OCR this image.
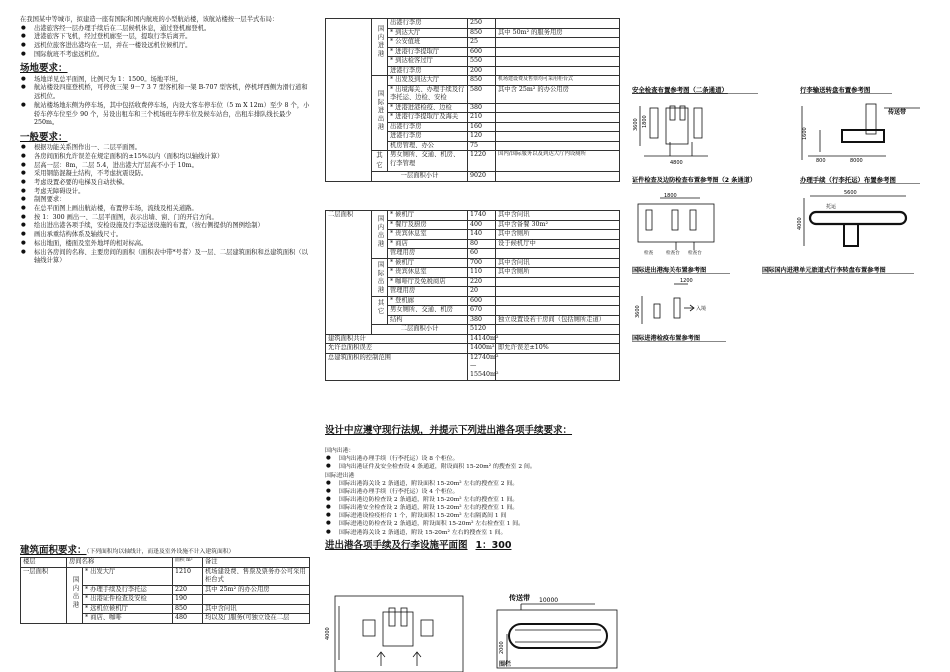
在我国某中等城市，拟建造一座有国际和国内航班的小型航站楼，该航站楼按一层半式布局：

● 出港旅客经一层办理手续后在二层候机休息，通过登机廊登机。
● 进港旅客下飞机，经过登机廊至一层，提取行李后离开。
● 远机位旅客进出港均在一层，并在一楼设远机位候机厅。
● 国际航班不考虑远机位。
场地要求：
● 场地详见总平面图，比例尺为 1：1500。场地平坦。
● 航站楼设四座登机桥，可停放三架 9－7 3 7 型客机和一架 B-707 型客机，停机坪西侧为滑行道和远机位。
● 航站楼场地东侧为停车场，其中包括收费停车场，内设大客车停车位（5 m X 12m）至少 8 个，小轿车停车位至少 90 个，另设出租车和三个机场班车停车位及候车站台，出租车排队线长最少 250m。
一般要求：
● 根据功能关系图作出一、二层平面图。
● 各房间面积允许误差在规定面积的±15%以内（面积均以轴线计算）
● 层高一层：8m，二层 5.4，进出港大厅层高不小于 10m。
● 采用钢筋混凝土结构，不考虑抗震设防。
● 考虑设置必要的电梯及自动扶梯。
● 考虑无障碍设计。
● 制图要求：
● 在总平面图上画出航站楼，布置停车场，流线及相关道路。
● 按 1：300 画出一、二层平面图，表示出墙、窗、门的开启方向。
● 绘出进出港各项手续，安检设施及行李运送设施的布置，（按右侧提供的图例绘制）
● 画出承重结构体系及轴线尺寸。
● 标出地面，楼面及室外地坪的相对标高。
● 标出各房间的名称、主要房间的面积（面积表中带*号者）及一层、二层建筑面积和总建筑面积（以轴线计算）
建筑面积要求：（下列面积均以轴线计，而逢及室外设施不计入建筑面积）
楼层	房间名称		面积 m²	备注
一层面积	国内出港	* 出发大厅	1210	机场建设费、售票及票务办公可采用柜台式
		* 办理手续及行李托运	220	其中 25m² 的办公用房
		* 出港证件检查及安检	190	
		* 远机位候机厅	850	其中含问讯
		* 商店、咖啡	480	均以及门服务(可独立设在二层

	国内进港	出港行李房	250	
		* 到达大厅	850	其中 50m² 的服务用房
		* 公安值班	25	
		* 进港行李提取厅	600	
		* 到达检客过厅	550	
		进港行李房	200	

	国际进出港	* 出发及到达大厅	850	机场建设费及售票均可采用柜台式
		* 出境海关、办理手续及行李托运、边检、安检	580	其中含 25m² 的办公用房
		* 进港进港检疫、边检	380	
		* 进港行李提取厅及海关	210	
		出港行李房	160	
		进港行李房	120	
		机房管理、办公	75	
	其它	男女厕所、交通、机房、行李管理	1220	国内/国际服务以及到达大厅内设厕所
	一层面积小计		9020	
二层面积	国内出港	* 候机厅	1740	其中含问讯
		* 餐厅及厨房	400	其中含备餐 30m²
		* 贵宾休息室	140	其中含厕所
		* 商店	80	设于候机厅中
		管理用房	60	

	国际出港	* 候机厅	700	其中含问讯
		* 贵宾休息室	110	其中含厕所
		* 咖啡厅及免税商店	220	
		管理用房	20	

	其它	* 登机廊	600	
		男女厕所、交通、机房	670	
		结构	380	独立设置设若干房间（包括厕所走道）
	二层面积小计		5120	
建筑面积共计			14140m²	
允许总面积误差			1400m²	即允许误差±10%
总建筑面积的控制范围			12740m²—15540m²	
设计中应遵守现行法规，并提示下列进出港各项手续要求：

国内出港：

● 国内出港办理手续（行李托运）设 8 个柜位。
● 国内出港证件及安全检查设 4 条通道，附设面积 15-20m² 的搜查室 2 间。

国际进出港

● 国际出港海关设 2 条通道，附设面积 15-20m² 左右的搜查室 2 间。
● 国际出港办理手续（行李托运）设 4 个柜位。
● 国际出港边防检查设 2 条通道，附设 15-20m² 左右的搜查室 1 间。
● 国际出港安全检查设 2 条通道，附设 15-20m² 左右的搜查室 1 间。
● 国际进港设检疫柜台 1 个，附设面积 15-20m² 左右隔离间 1 间
● 国际进港边防检查设 2 条通道，附设面积 15-20m² 左右检查室 1 间。
● 国际进港海关设 2 条通道，附设 15-20m² 左右的搜查室 1 间。
进出港各项手续及行李设施平面图 1：300
4000
传送带 10000
2000
围栏
安全检查布置参考图（二条通道）	行李输送转盘布置参考图
3600 1800
4800
传送带
1600
8000
800
证件检查及边防检查布置参考图（2 条通道）	办理手续（行李托运）布置参考图
1800
检查	检查台 检查台
5600
4000
托运
国际进出港海关布置参考图	国际国内进港单元旅道式行李转盘布置参考图
1200
3600	入境
国际进港检疫布置参考图
